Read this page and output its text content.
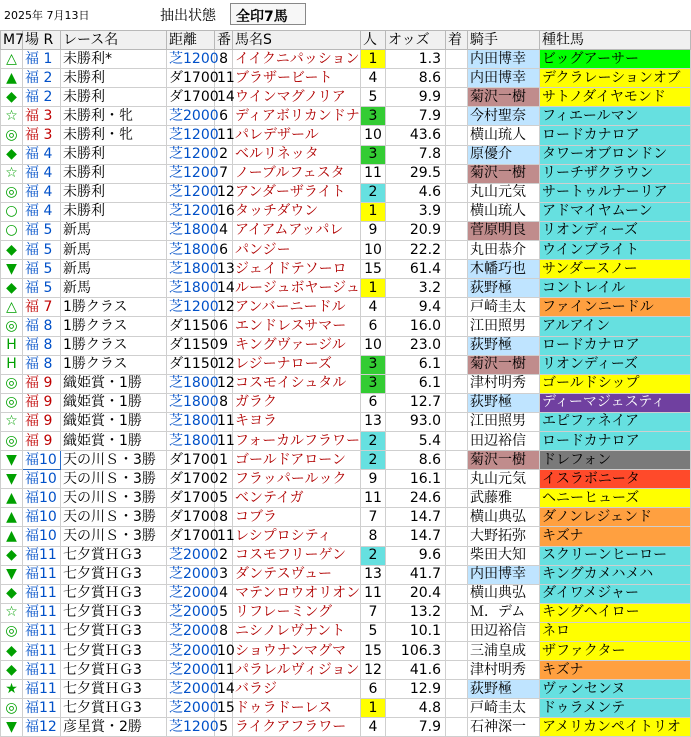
2025年 7月13日	抽出状態	全印7馬
M7	場 R	レース名	距離	番	馬名S	人	オッズ	着	騎手	種牡馬
△	福 1	未勝利*	芝1200	8	イイクニパッション	1	1.3		内田博幸	ビッグアーサー
▲	福 2	未勝利	ダ1700	11	ブラザービート	4	8.6		内田博幸	デクラレーションオブ
◆	福 2	未勝利	ダ1700	14	ウインマグノリア	5	9.9		菊沢一樹	サトノダイヤモンド
☆	福 3	未勝利・牝	芝2000	6	ディアボリカンドナ	3	7.9		今村聖奈	フィエールマン
◎	福 3	未勝利・牝	芝1200	11	パレデザール	10	43.6		横山琉人	ロードカナロア
◆	福 4	未勝利	芝1200	2	ベルリネッタ	3	7.8		原優介	タワーオブロンドン
☆	福 4	未勝利	芝1200	7	ノーブルフェスタ	11	29.5		菊沢一樹	リーチザクラウン
◎	福 4	未勝利	芝1200	12	アンダーザライト	2	4.6		丸山元気	サートゥルナーリア
○	福 4	未勝利	芝1200	16	タッチダウン	1	3.9		横山琉人	アドマイヤムーン
○	福 5	新馬	芝1800	4	アイアムアッパレ	9	20.9		菅原明良	リオンディーズ
◆	福 5	新馬	芝1800	6	パンジー	10	22.2		丸田恭介	ウインブライト
▼	福 5	新馬	芝1800	13	ジェイドテソーロ	15	61.4		木幡巧也	サンダースノー
◆	福 5	新馬	芝1800	14	ルージュボヤージュ	1	3.2		荻野極	コントレイル
△	福 7	1勝クラス	芝1200	12	アンバーニードル	4	9.4		戸崎圭太	ファインニードル
◎	福 8	1勝クラス	ダ1150	6	エンドレスサマー	6	16.0		江田照男	アルアイン
H	福 8	1勝クラス	ダ1150	9	キングヴァージル	10	23.0		荻野極	ロードカナロア
H	福 8	1勝クラス	ダ1150	12	レジーナローズ	3	6.1		菊沢一樹	リオンディーズ
◎	福 9	織姫賞・1勝	芝1800	12	コスモイシュタル	3	6.1		津村明秀	ゴールドシップ
◎	福 9	織姫賞・1勝	芝1800	8	ガラク	6	12.7		荻野極	ディーマジェスティ
☆	福 9	織姫賞・1勝	芝1800	11	キヨラ	13	93.0		江田照男	エピファネイア
◎	福 9	織姫賞・1勝	芝1800	11	フォーカルフラワー	2	5.4		田辺裕信	ロードカナロア
▼	福10	天の川Ｓ・3勝	ダ1700	1	ゴールドアローン	2	8.6		菊沢一樹	ドレフォン
▼	福10	天の川Ｓ・3勝	ダ1700	2	フラッパールック	9	16.1		丸山元気	イスラボニータ
▲	福10	天の川Ｓ・3勝	ダ1700	5	ベンテイガ	11	24.6		武藤雅	ヘニーヒューズ
▲	福10	天の川Ｓ・3勝	ダ1700	8	コブラ	7	14.7		横山典弘	ダノンレジェンド
▲	福10	天の川Ｓ・3勝	ダ1700	11	レシプロシティ	8	14.7		大野拓弥	キズナ
◆	福11	七夕賞ＨＧ3	芝2000	2	コスモフリーゲン	2	9.6		柴田大知	スクリーンヒーロー
▼	福11	七夕賞ＨＧ3	芝2000	3	ダンテスヴュー	13	41.7		内田博幸	キングカメハメハ
◆	福11	七夕賞ＨＧ3	芝2000	4	マテンロウオリオン	11	20.4		横山典弘	ダイワメジャー
☆	福11	七夕賞ＨＧ3	芝2000	5	リフレーミング	7	13.2		Ｍ．デム	キングヘイロー
◎	福11	七夕賞ＨＧ3	芝2000	8	ニシノレヴナント	5	10.1		田辺裕信	ネロ
◆	福11	七夕賞ＨＧ3	芝2000	10	ショウナンマグマ	15	106.3		三浦皇成	ザファクター
◆	福11	七夕賞ＨＧ3	芝2000	11	パラレルヴィジョン	12	41.6		津村明秀	キズナ
★	福11	七夕賞ＨＧ3	芝2000	14	バラジ	6	12.9		荻野極	ヴァンセンヌ
◎	福11	七夕賞ＨＧ3	芝2000	15	ドゥラドーレス	1	4.8		戸崎圭太	ドゥラメンテ
▼	福12	彦星賞・2勝	芝1200	5	ライクアフラワー	4	7.9		石神深一	アメリカンペイトリオ
